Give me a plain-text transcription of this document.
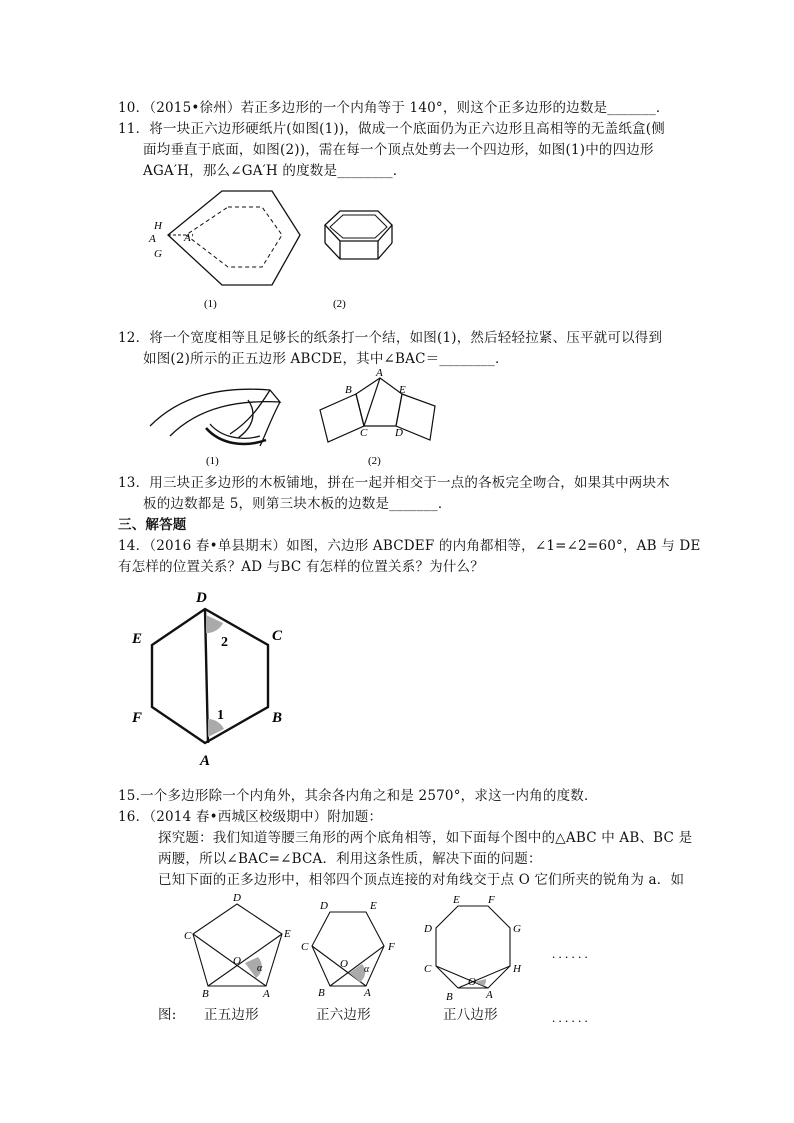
10．（2015•徐州）若正多边形的一个内角等于 140°，则这个正多边形的边数是_______．
11．将一块正六边形硬纸片(如图(1))，做成一个底面仍为正六边形且高相等的无盖纸盒(侧
面均垂直于底面，如图(2))，需在每一个顶点处剪去一个四边形，如图(1)中的四边形
AGA′H，那么∠GA′H 的度数是________．
H
A	A′
G
(1)	(2)
12．将一个宽度相等且足够长的纸条打一个结，如图(1)，然后轻轻拉紧、压平就可以得到
如图(2)所示的正五边形 ABCDE，其中∠BAC＝________．
A
B
C	D
E
(1)	(2)
13．用三块正多边形的木板铺地，拼在一起并相交于一点的各板完全吻合，如果其中两块木
板的边数都是 5，则第三块木板的边数是_______．
三、解答题
14．（2016 春•单县期末）如图，六边形 ABCDEF 的内角都相等，∠1=∠2=60°，AB 与 DE
有怎样的位置关系？AD 与BC 有怎样的位置关系？为什么？
D
C
E
F	B
A
2
1
15.一个多边形除一个内角外，其余各内角之和是 2570°，求这一内角的度数．
16．（2014 春•西城区校级期中）附加题：
探究题：我们知道等腰三角形的两个底角相等，如下面每个图中的△ABC 中 AB、BC 是
两腰，所以∠BAC=∠BCA．利用这条性质，解决下面的问题：
已知下面的正多边形中，相邻四个顶点连接的对角线交于点 O 它们所夹的锐角为 a．如
D
C	E
B	A
O
α
D	E
C	F
B	A
O α
E	F
D	G
C	H
B	A
O
. . . . . .
. . . . . .
图: 正五边形	正六边形	正八边形
